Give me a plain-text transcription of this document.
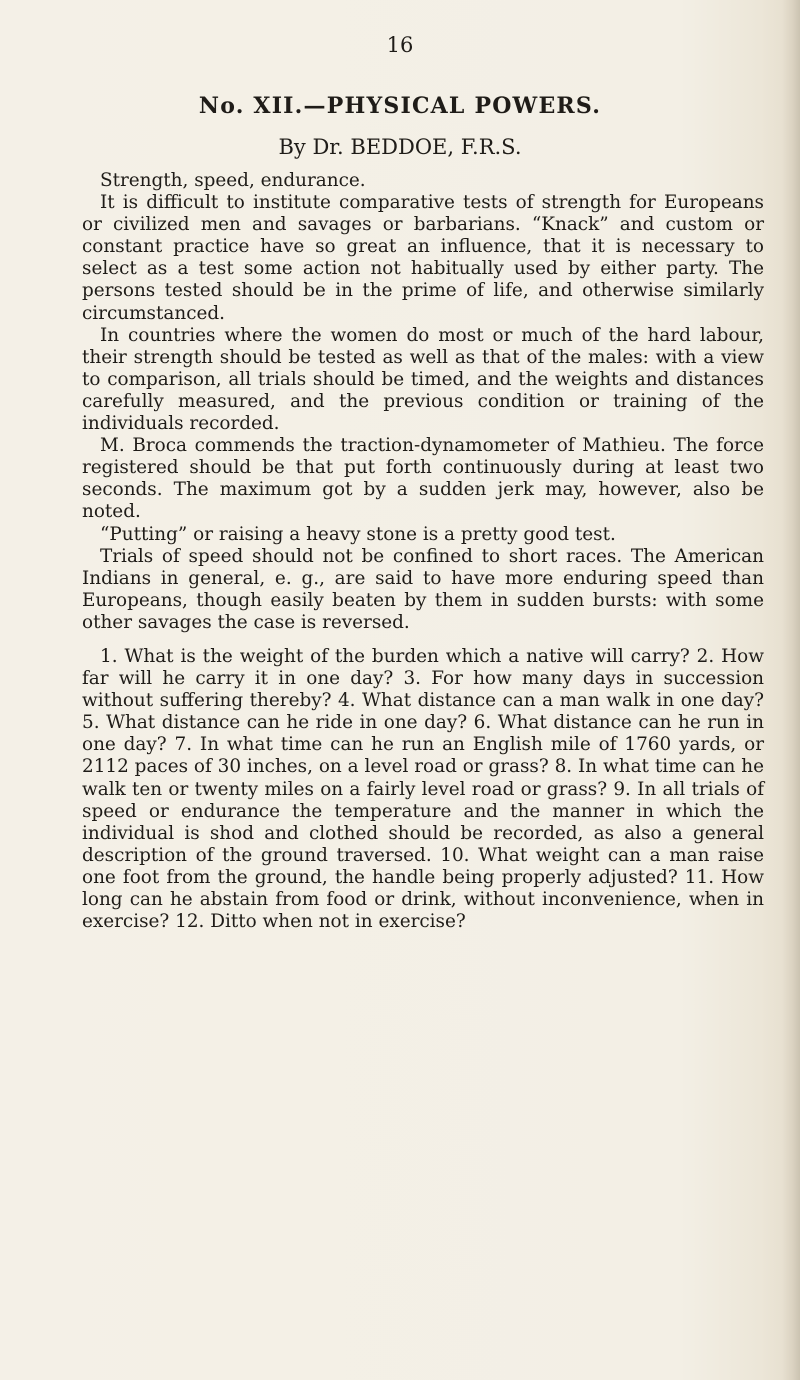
16
No. XII.—PHYSICAL POWERS.
By Dr. BEDDOE, F.R.S.

Strength, speed, endurance.

It is difficult to institute comparative tests of strength for Europeans or civilized men and savages or barbarians. “Knack” and custom or constant practice have so great an influence, that it is necessary to select as a test some action not habitually used by either party. The persons tested should be in the prime of life, and otherwise similarly circumstanced.

In countries where the women do most or much of the hard labour, their strength should be tested as well as that of the males: with a view to comparison, all trials should be timed, and the weights and distances carefully measured, and the previous condition or training of the individuals recorded.

M. Broca commends the traction-dynamometer of Mathieu. The force registered should be that put forth continuously during at least two seconds. The maximum got by a sudden jerk may, however, also be noted.

“Putting” or raising a heavy stone is a pretty good test.

Trials of speed should not be confined to short races. The American Indians in general, e. g., are said to have more enduring speed than Europeans, though easily beaten by them in sudden bursts: with some other savages the case is reversed.

1. What is the weight of the burden which a native will carry? 2. How far will he carry it in one day? 3. For how many days in succession without suffering thereby? 4. What distance can a man walk in one day? 5. What distance can he ride in one day? 6. What distance can he run in one day? 7. In what time can he run an English mile of 1760 yards, or 2112 paces of 30 inches, on a level road or grass? 8. In what time can he walk ten or twenty miles on a fairly level road or grass? 9. In all trials of speed or endurance the temperature and the manner in which the individual is shod and clothed should be recorded, as also a general description of the ground traversed. 10. What weight can a man raise one foot from the ground, the handle being properly adjusted? 11. How long can he abstain from food or drink, without inconvenience, when in exercise? 12. Ditto when not in exercise?
